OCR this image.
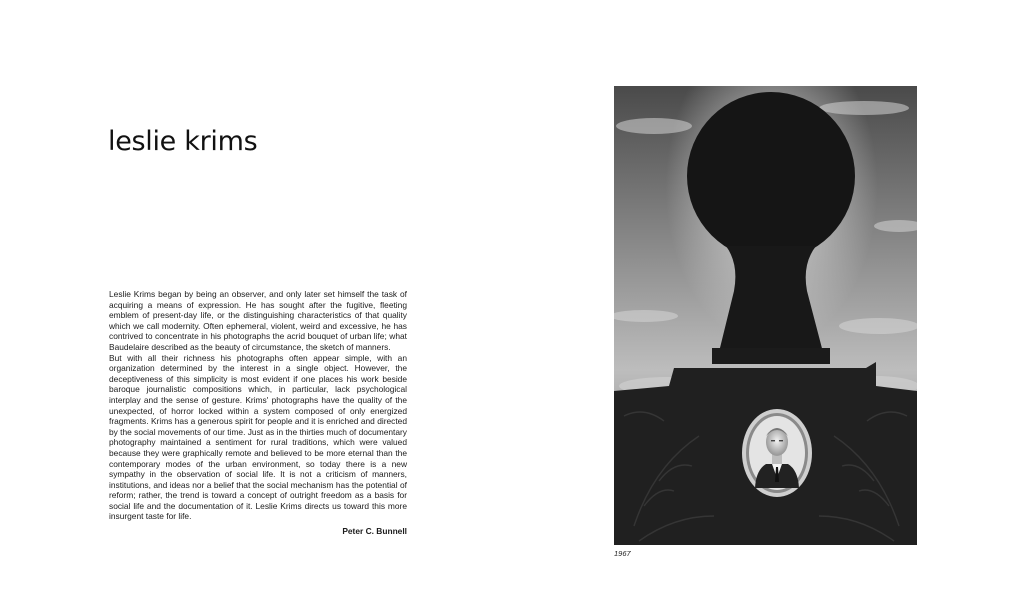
leslie krims

Leslie Krims began by being an observer, and only later set himself the task of acquiring a means of expression. He has sought after the fugitive, fleeting emblem of present-day life, or the distinguishing characteristics of that quality which we call modernity. Often ephemeral, violent, weird and excessive, he has contrived to concentrate in his photographs the acrid bouquet of urban life; what Baudelaire described as the beauty of circumstance, the sketch of manners.

But with all their richness his photographs often appear simple, with an organization determined by the interest in a single object. However, the deceptiveness of this simplicity is most evident if one places his work beside baroque journalistic compositions which, in particular, lack psychological interplay and the sense of gesture. Krims' photographs have the quality of the unexpected, of horror locked within a system composed of only energized fragments. Krims has a generous spirit for people and it is enriched and directed by the social movements of our time. Just as in the thirties much of documentary photography maintained a sentiment for rural traditions, which were valued because they were graphically remote and believed to be more eternal than the contemporary modes of the urban environment, so today there is a new sympathy in the observation of social life. It is not a criticism of manners, institutions, and ideas nor a belief that the social mechanism has the potential of reform; rather, the trend is toward a concept of outright freedom as a basis for social life and the documentation of it. Leslie Krims directs us toward this more insurgent taste for life.

Peter C. Bunnell

1967
